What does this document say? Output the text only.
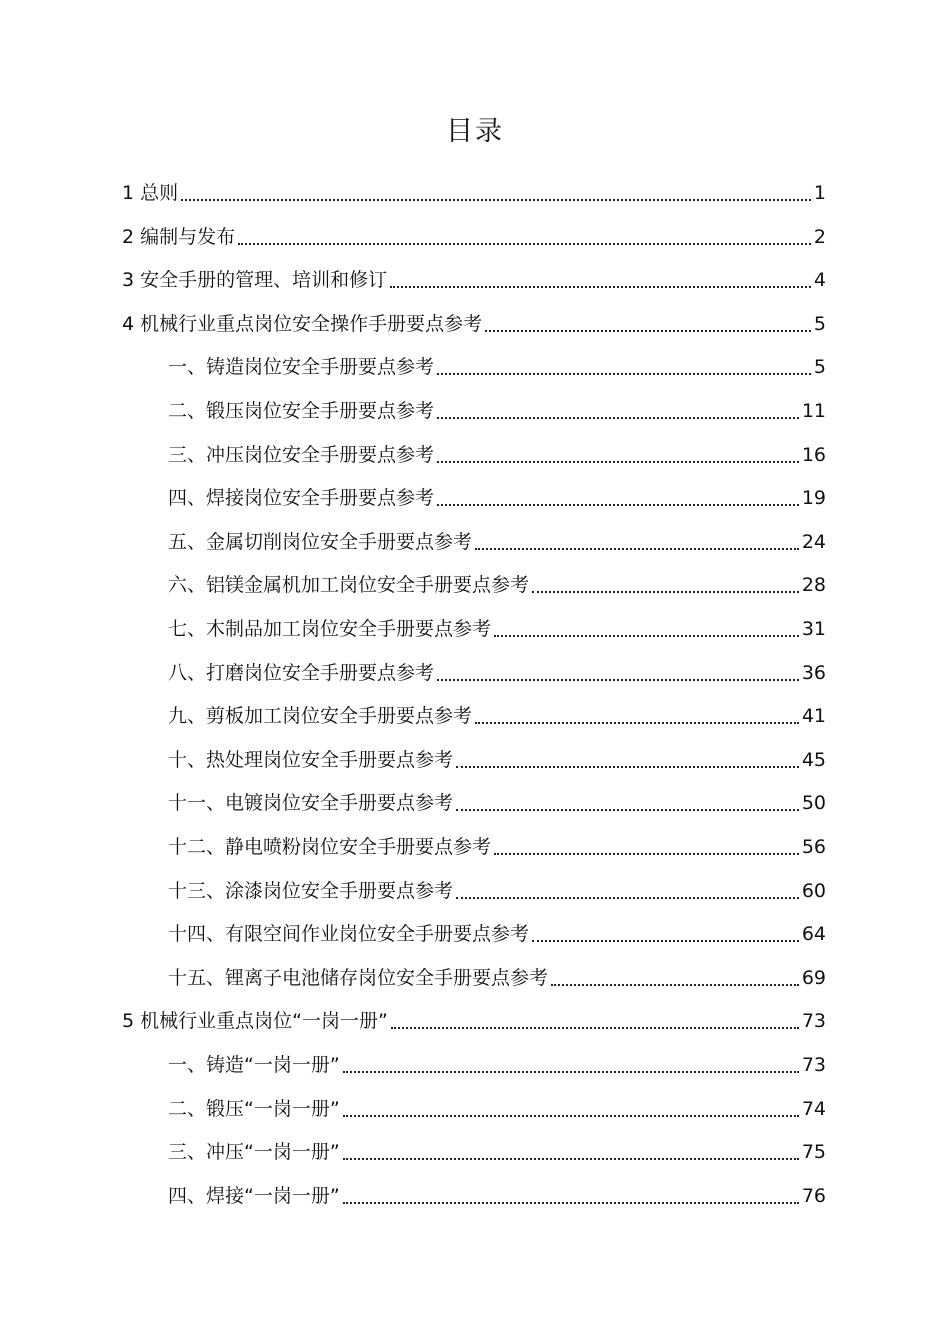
目录
1 总则	1
2 编制与发布	2
3 安全手册的管理、培训和修订	4
4 机械行业重点岗位安全操作手册要点参考	5
一、铸造岗位安全手册要点参考	5
二、锻压岗位安全手册要点参考	11
三、冲压岗位安全手册要点参考	16
四、焊接岗位安全手册要点参考	19
五、金属切削岗位安全手册要点参考	24
六、铝镁金属机加工岗位安全手册要点参考	28
七、木制品加工岗位安全手册要点参考	31
八、打磨岗位安全手册要点参考	36
九、剪板加工岗位安全手册要点参考	41
十、热处理岗位安全手册要点参考	45
十一、电镀岗位安全手册要点参考	50
十二、静电喷粉岗位安全手册要点参考	56
十三、涂漆岗位安全手册要点参考	60
十四、有限空间作业岗位安全手册要点参考	64
十五、锂离子电池储存岗位安全手册要点参考	69
5 机械行业重点岗位“一岗一册”	73
一、铸造“一岗一册”	73
二、锻压“一岗一册”	74
三、冲压“一岗一册”	75
四、焊接“一岗一册”	76
